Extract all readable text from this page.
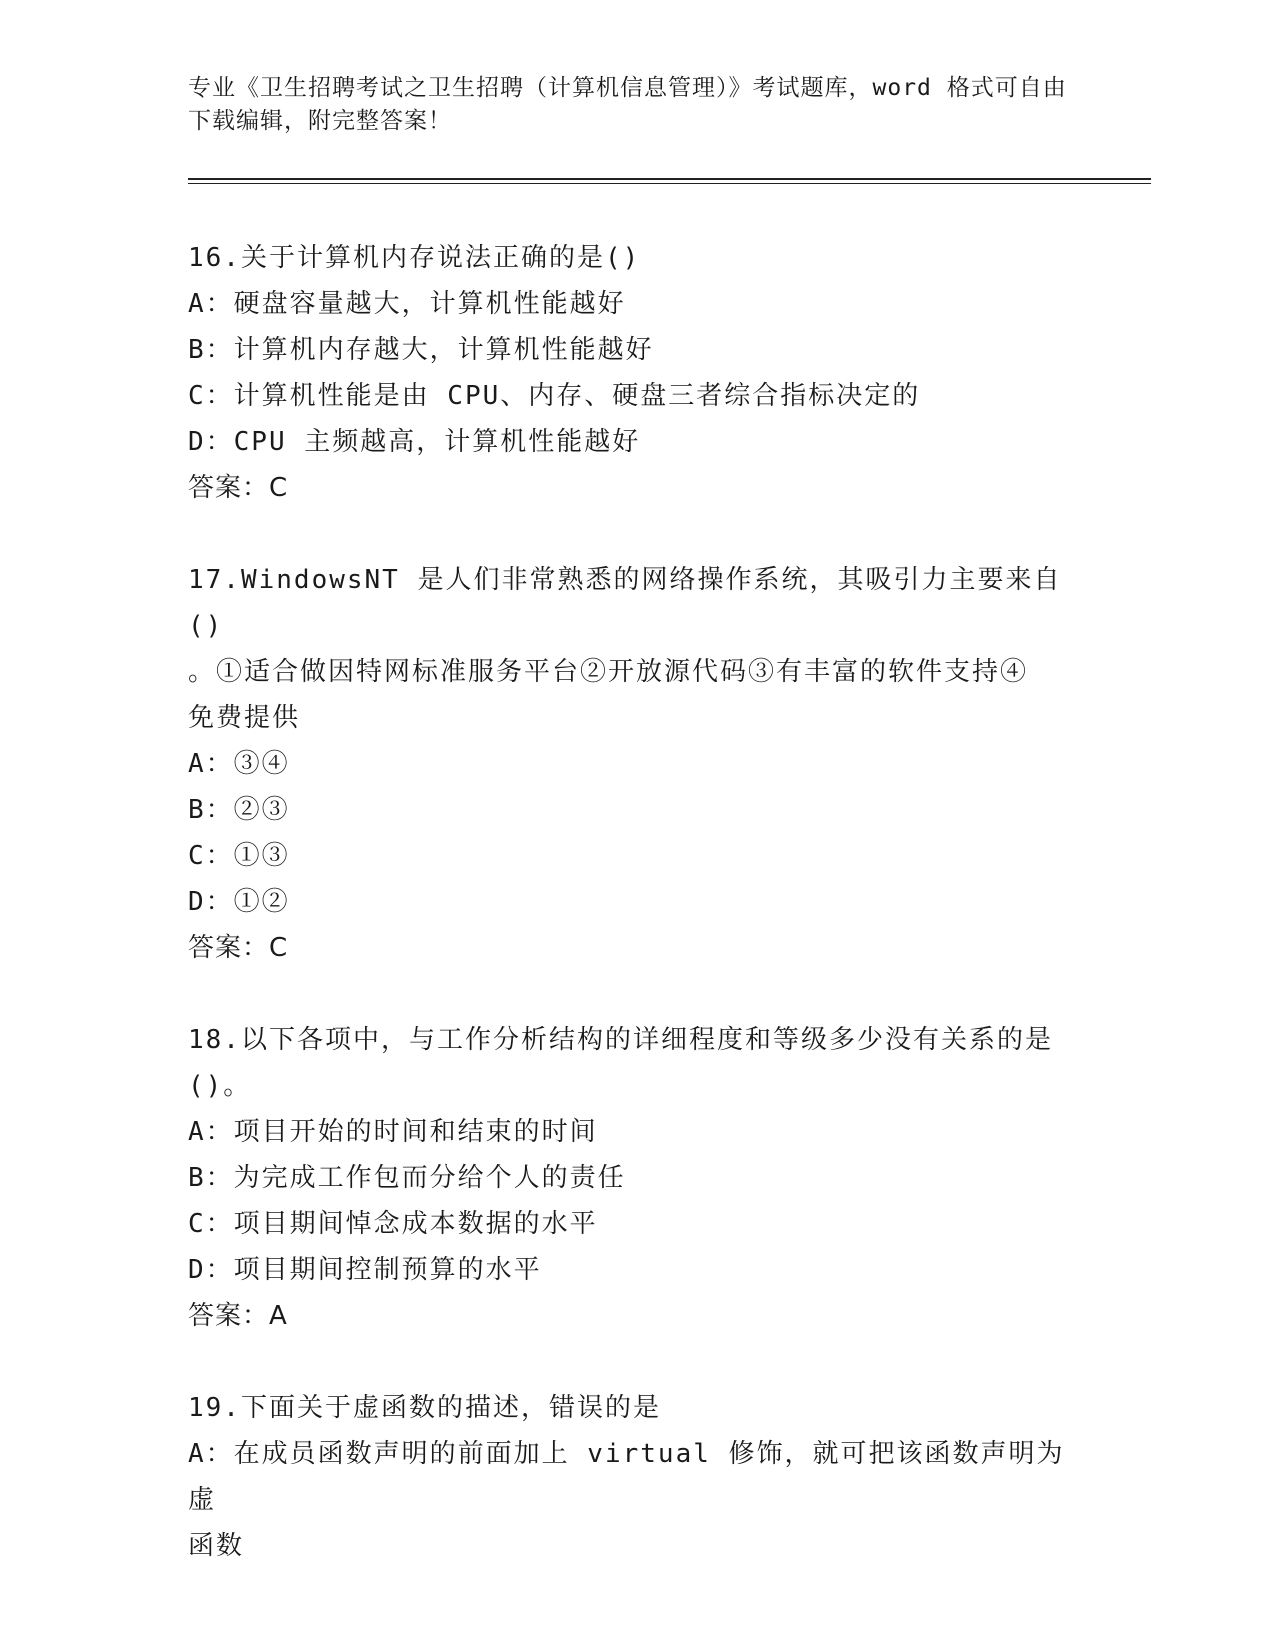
专业《卫生招聘考试之卫生招聘（计算机信息管理）》考试题库，word 格式可自由下载编辑，附完整答案！
16.关于计算机内存说法正确的是()
A：硬盘容量越大，计算机性能越好
B：计算机内存越大，计算机性能越好
C：计算机性能是由 CPU、内存、硬盘三者综合指标决定的
D：CPU 主频越高，计算机性能越好
答案：C
17.WindowsNT 是人们非常熟悉的网络操作系统，其吸引力主要来自()
。①适合做因特网标准服务平台②开放源代码③有丰富的软件支持④
免费提供
A：③④
B：②③
C：①③
D：①②
答案：C
18.以下各项中，与工作分析结构的详细程度和等级多少没有关系的是
()。
A：项目开始的时间和结束的时间
B：为完成工作包而分给个人的责任
C：项目期间悼念成本数据的水平
D：项目期间控制预算的水平
答案：A
19.下面关于虚函数的描述，错误的是
A：在成员函数声明的前面加上 virtual 修饰，就可把该函数声明为虚
函数
